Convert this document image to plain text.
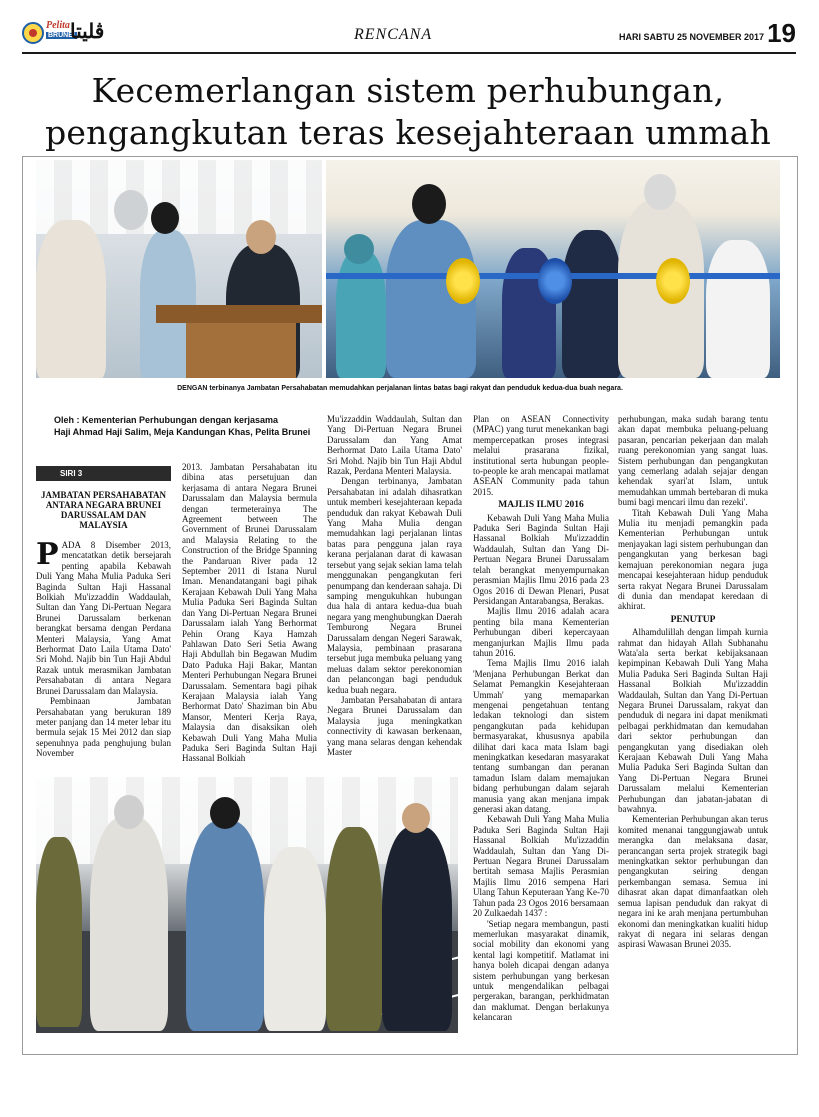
Pelita
BRUNEI
ڤليتا	RENCANA	HARI SABTU 25 NOVEMBER 2017 19
Kecemerlangan sistem perhubungan,
pengangkutan teras kesejahteraan ummah
DENGAN terbinanya Jambatan Persahabatan memudahkan perjalanan lintas batas bagi rakyat dan penduduk kedua-dua buah negara.
Oleh : Kementerian Perhubungan dengan kerjasama
Haji Ahmad Haji Salim, Meja Kandungan Khas, Pelita Brunei
SIRI 3
JAMBATAN PERSAHABATAN ANTARA NEGARA BRUNEI DARUSSALAM DAN MALAYSIA

PADA 8 Disember 2013, mencatatkan detik bersejarah penting apabila Kebawah Duli Yang Maha Mulia Paduka Seri Baginda Sultan Haji Hassanal Bolkiah Mu'izzaddin Waddaulah, Sultan dan Yang Di-Pertuan Negara Brunei Darussalam berkenan berangkat bersama dengan Perdana Menteri Malaysia, Yang Amat Berhormat Dato Laila Utama Dato' Sri Mohd. Najib bin Tun Haji Abdul Razak untuk merasmikan Jambatan Persahabatan di antara Negara Brunei Darussalam dan Malaysia.

Pembinaan Jambatan Persahabatan yang berukuran 189 meter panjang dan 14 meter lebar itu bermula sejak 15 Mei 2012 dan siap sepenuhnya pada penghujung bulan November

2013. Jambatan Persahabatan itu dibina atas persetujuan dan kerjasama di antara Negara Brunei Darussalam dan Malaysia bermula dengan termeterainya The Agreement between The Government of Brunei Darussalam and Malaysia Relating to the Construction of the Bridge Spanning the Pandaruan River pada 12 September 2011 di Istana Nurul Iman. Menandatangani bagi pihak Kerajaan Kebawah Duli Yang Maha Mulia Paduka Seri Baginda Sultan dan Yang Di-Pertuan Negara Brunei Darussalam ialah Yang Berhormat Pehin Orang Kaya Hamzah Pahlawan Dato Seri Setia Awang Haji Abdullah bin Begawan Mudim Dato Paduka Haji Bakar, Mantan Menteri Perhubungan Negara Brunei Darussalam. Sementara bagi pihak Kerajaan Malaysia ialah Yang Berhormat Dato' Shaziman bin Abu Mansor, Menteri Kerja Raya, Malaysia dan disaksikan oleh Kebawah Duli Yang Maha Mulia Paduka Seri Baginda Sultan Haji Hassanal Bolkiah

Mu'izzaddin Waddaulah, Sultan dan Yang Di-Pertuan Negara Brunei Darussalam dan Yang Amat Berhormat Dato Laila Utama Dato' Sri Mohd. Najib bin Tun Haji Abdul Razak, Perdana Menteri Malaysia.

Dengan terbinanya, Jambatan Persahabatan ini adalah dihasratkan untuk memberi kesejahteraan kepada penduduk dan rakyat Kebawah Duli Yang Maha Mulia dengan memudahkan lagi perjalanan lintas batas para pengguna jalan raya kerana perjalanan darat di kawasan tersebut yang sejak sekian lama telah menggunakan pengangkutan feri penumpang dan kenderaan sahaja. Di samping mengukuhkan hubungan dua hala di antara kedua-dua buah negara yang menghubungkan Daerah Temburong Negara Brunei Darussalam dengan Negeri Sarawak, Malaysia, pembinaan prasarana tersebut juga membuka peluang yang meluas dalam sektor perekonomian dan pelancongan bagi penduduk kedua buah negara.

Jambatan Persahabatan di antara Negara Brunei Darussalam dan Malaysia juga meningkatkan connectivity di kawasan berkenaan, yang mana selaras dengan kehendak Master

Plan on ASEAN Connectivity (MPAC) yang turut menekankan bagi mempercepatkan proses integrasi melalui prasarana fizikal, institutional serta hubungan people-to-people ke arah mencapai matlamat ASEAN Community pada tahun 2015.

MAJLIS ILMU 2016

Kebawah Duli Yang Maha Mulia Paduka Seri Baginda Sultan Haji Hassanal Bolkiah Mu'izzaddin Waddaulah, Sultan dan Yang Di-Pertuan Negara Brunei Darussalam telah berangkat menyempurnakan perasmian Majlis Ilmu 2016 pada 23 Ogos 2016 di Dewan Plenari, Pusat Persidangan Antarabangsa, Berakas.

Majlis Ilmu 2016 adalah acara penting bila mana Kementerian Perhubungan diberi kepercayaan menganjurkan Majlis Ilmu pada tahun 2016.

Tema Majlis Ilmu 2016 ialah 'Menjana Perhubungan Berkat dan Selamat Pemangkin Kesejahteraan Ummah' yang memaparkan mengenai pengetahuan tentang ledakan teknologi dan sistem pengangkutan pada kehidupan bermasyarakat, khususnya apabila dilihat dari kaca mata Islam bagi meningkatkan kesedaran masyarakat tentang sumbangan dan peranan tamadun Islam dalam memajukan bidang perhubungan dalam sejarah manusia yang akan menjana impak generasi akan datang.

Kebawah Duli Yang Maha Mulia Paduka Seri Baginda Sultan Haji Hassanal Bolkiah Mu'izzaddin Waddaulah, Sultan dan Yang Di-Pertuan Negara Brunei Darussalam bertitah semasa Majlis Perasmian Majlis Ilmu 2016 sempena Hari Ulang Tahun Keputeraan Yang Ke-70 Tahun pada 23 Ogos 2016 bersamaan 20 Zulkaedah 1437 :

'Setiap negara membangun, pasti memerlukan masyarakat dinamik, social mobility dan ekonomi yang kental lagi kompetitif. Matlamat ini hanya boleh dicapai dengan adanya sistem perhubungan yang berkesan untuk mengendalikan pelbagai pergerakan, barangan, perkhidmatan dan maklumat. Dengan berlakunya kelancaran

perhubungan, maka sudah barang tentu akan dapat membuka peluang-peluang pasaran, pencarian pekerjaan dan malah ruang perekonomian yang sangat luas. Sistem perhubungan dan pengangkutan yang cemerlang adalah sejajar dengan kehendak syari'at Islam, untuk memudahkan ummah bertebaran di muka bumi bagi mencari ilmu dan rezeki'.

Titah Kebawah Duli Yang Maha Mulia itu menjadi pemangkin pada Kementerian Perhubungan untuk menjayakan lagi sistem perhubungan dan pengangkutan yang berkesan bagi kemajuan perekonomian negara juga mencapai kesejahteraan hidup penduduk serta rakyat Negara Brunei Darussalam di dunia dan mendapat keredaan di akhirat.

PENUTUP

Alhamdulillah dengan limpah kurnia rahmat dan hidayah Allah Subhanahu Wata'ala serta berkat kebijaksanaan kepimpinan Kebawah Duli Yang Maha Mulia Paduka Seri Baginda Sultan Haji Hassanal Bolkiah Mu'izzaddin Waddaulah, Sultan dan Yang Di-Pertuan Negara Brunei Darussalam, rakyat dan penduduk di negara ini dapat menikmati pelbagai perkhidmatan dan kemudahan dari sektor perhubungan dan pengangkutan yang disediakan oleh Kerajaan Kebawah Duli Yang Maha Mulia Paduka Seri Baginda Sultan dan Yang Di-Pertuan Negara Brunei Darussalam melalui Kementerian Perhubungan dan jabatan-jabatan di bawahnya.

Kementerian Perhubungan akan terus komited menanai tanggungjawab untuk merangka dan melaksana dasar, perancangan serta projek strategik bagi meningkatkan sektor perhubungan dan pengangkutan seiring dengan perkembangan semasa. Semua ini dihasrat akan dapat dimanfaatkan oleh semua lapisan penduduk dan rakyat di negara ini ke arah menjana pertumbuhan ekonomi dan meningkatkan kualiti hidup rakyat di negara ini selaras dengan aspirasi Wawasan Brunei 2035.
